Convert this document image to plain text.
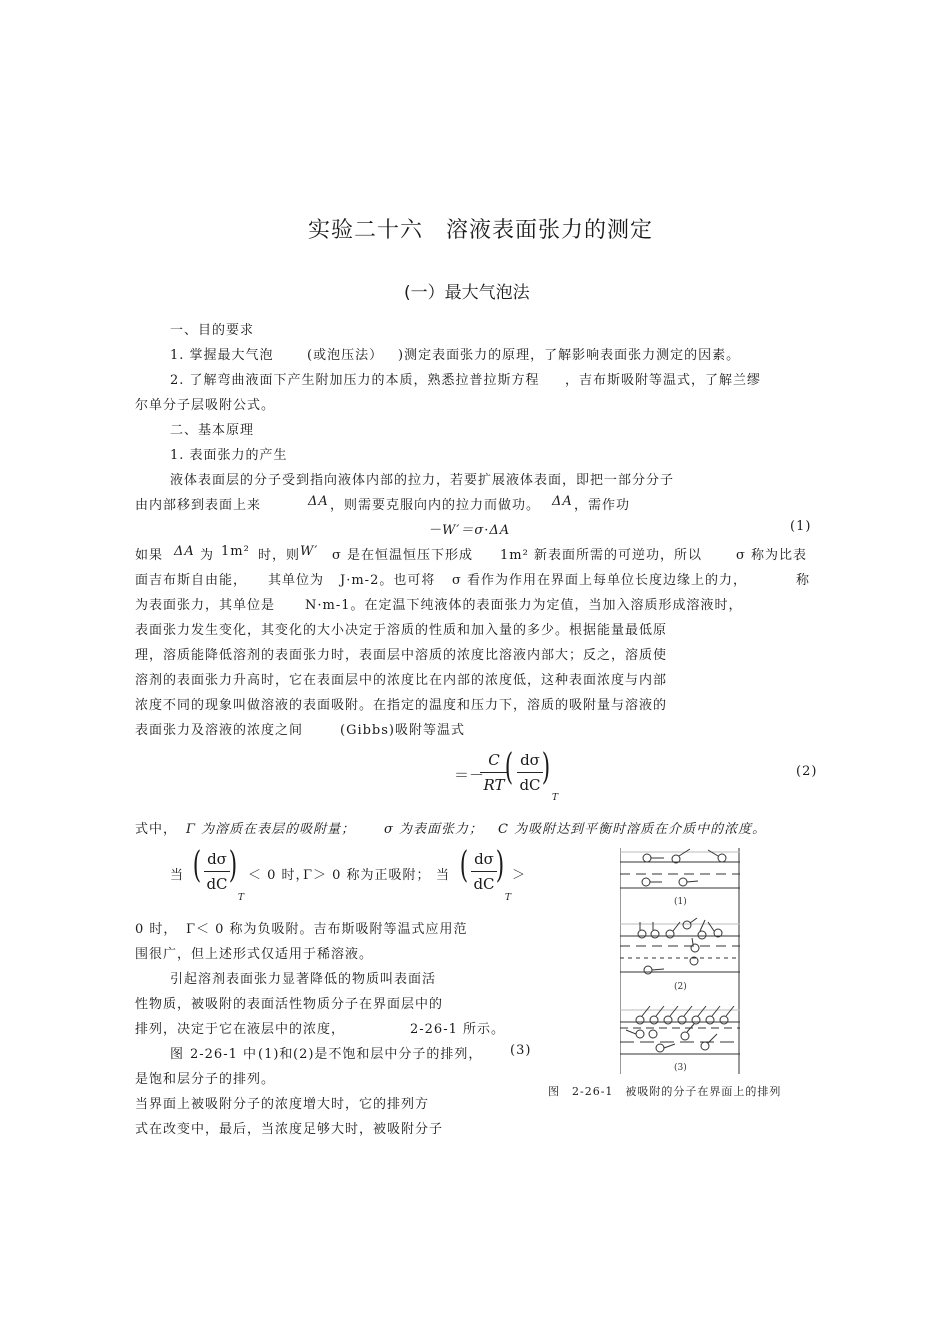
实验二十六　溶液表面张力的测定
(一）最大气泡法
一、目的要求
1. 掌握最大气泡	(或泡压法） )测定表面张力的原理，了解影响表面张力测定的因素。
2. 了解弯曲液面下产生附加压力的本质，熟悉拉普拉斯方程 ，吉布斯吸附等温式，了解兰缪
尔单分子层吸附公式。
二、基本原理
1. 表面张力的产生
液体表面层的分子受到指向液体内部的拉力，若要扩展液体表面，即把一部分分子
由内部移到表面上来	ΔA ，则需要克服向内的拉力而做功。 ΔA ，需作功
－W′＝σ·ΔA	(1)
如果 ΔA 为 1m² 时，则 W′ σ 是在恒温恒压下形成 1m² 新表面所需的可逆功，所以	σ 称为比表
面吉布斯自由能， 其单位为 J·m-2。也可将 σ 看作为作用在界面上每单位长度边缘上的力，	称
为表面张力，其单位是 N·m-1。在定温下纯液体的表面张力为定值，当加入溶质形成溶液时，
表面张力发生变化，其变化的大小决定于溶质的性质和加入量的多少。根据能量最低原
理，溶质能降低溶剂的表面张力时，表面层中溶质的浓度比溶液内部大；反之，溶质使
溶剂的表面张力升高时，它在表面层中的浓度比在内部的浓度低，这种表面浓度与内部
浓度不同的现象叫做溶液的表面吸附。在指定的温度和压力下，溶质的吸附量与溶液的
表面张力及溶液的浓度之间	(Gibbs)吸附等温式
＝－
C
RT ( dσ
dC )
T
(2)
式中， Γ 为溶质在表层的吸附量； σ 为表面张力； C 为吸附达到平衡时溶质在介质中的浓度。
当 ( dσ
dC )
T
＜ 0 时，
Γ＞ 0 称为正吸附； 当 ( dσ
dC )
T
＞
0 时， Γ＜ 0 称为负吸附。吉布斯吸附等温式应用范
围很广，但上述形式仅适用于稀溶液。
引起溶剂表面张力显著降低的物质叫表面活
性物质，被吸附的表面活性物质分子在界面层中的
排列，决定于它在液层中的浓度，	2-26-1 所示。
图 2-26-1 中 (1)和 (2)是不饱和层中分子的排列， (3)
是饱和层分子的排列。
当界面上被吸附分子的浓度增大时，它的排列方
式在改变中，最后，当浓度足够大时，被吸附分子
(1)
(2)
(3)
图　2-26-1　被吸附的分子在界面上的排列
